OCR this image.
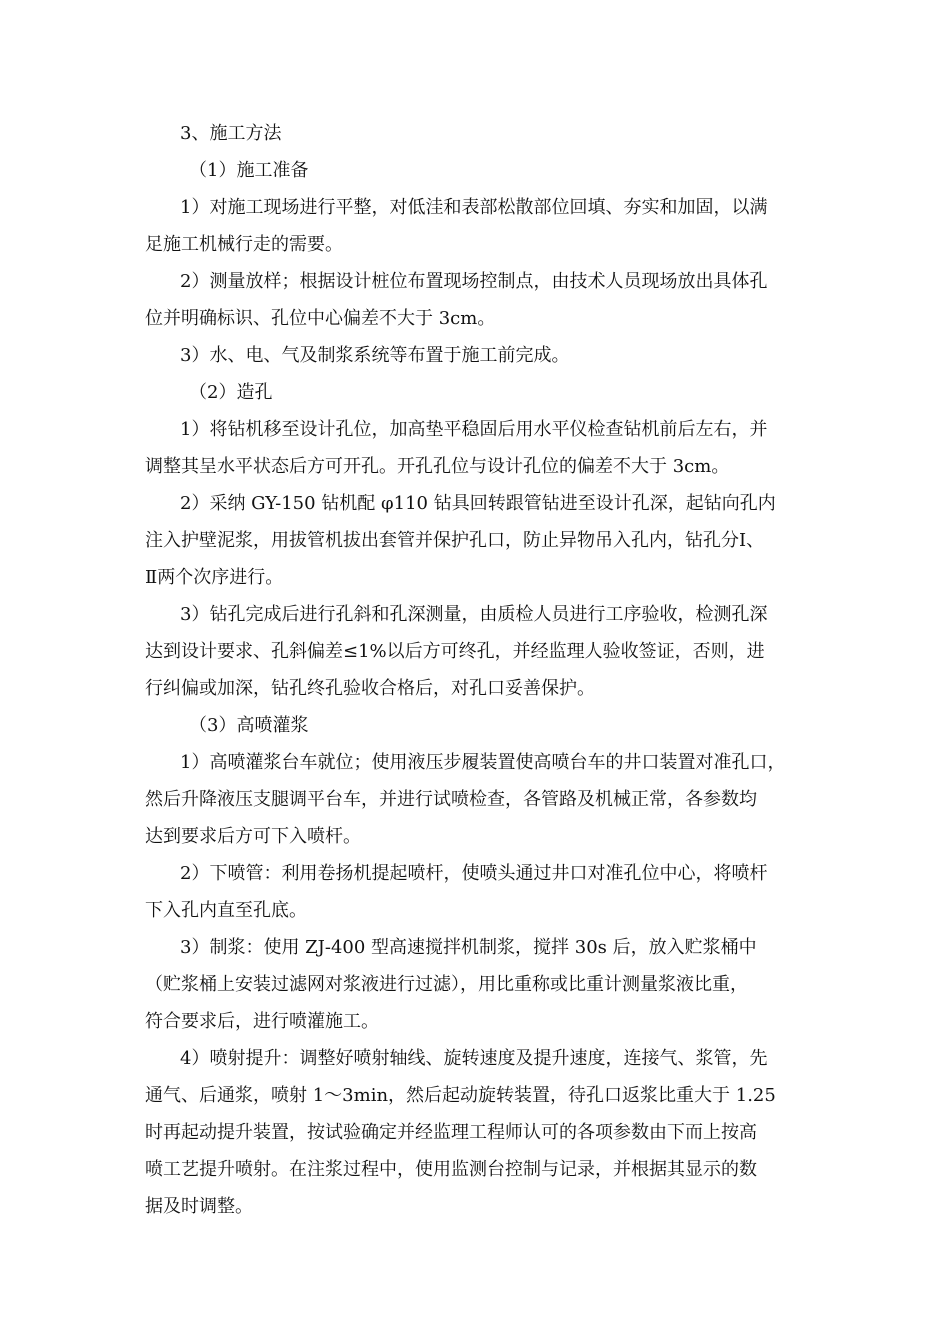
3、施工方法
（1）施工准备
1）对施工现场进行平整，对低洼和表部松散部位回填、夯实和加固，以满
足施工机械行走的需要。
2）测量放样；根据设计桩位布置现场控制点，由技术人员现场放出具体孔
位并明确标识、孔位中心偏差不大于 3cm。
3）水、电、气及制浆系统等布置于施工前完成。
（2）造孔
1）将钻机移至设计孔位，加高垫平稳固后用水平仪检查钻机前后左右，并
调整其呈水平状态后方可开孔。开孔孔位与设计孔位的偏差不大于 3cm。
2）采纳 GY-150 钻机配 φ110 钻具回转跟管钻进至设计孔深，起钻向孔内
注入护壁泥浆，用拔管机拔出套管并保护孔口，防止异物吊入孔内，钻孔分Ⅰ、
Ⅱ两个次序进行。
3）钻孔完成后进行孔斜和孔深测量，由质检人员进行工序验收，检测孔深
达到设计要求、孔斜偏差≤1%以后方可终孔，并经监理人验收签证，否则，进
行纠偏或加深，钻孔终孔验收合格后，对孔口妥善保护。
（3）高喷灌浆
1）高喷灌浆台车就位；使用液压步履装置使高喷台车的井口装置对准孔口，
然后升降液压支腿调平台车，并进行试喷检查，各管路及机械正常，各参数均
达到要求后方可下入喷杆。
2）下喷管：利用卷扬机提起喷杆，使喷头通过井口对准孔位中心，将喷杆
下入孔内直至孔底。
3）制浆：使用 ZJ-400 型高速搅拌机制浆，搅拌 30s 后，放入贮浆桶中
（贮浆桶上安装过滤网对浆液进行过滤），用比重称或比重计测量浆液比重，
符合要求后，进行喷灌施工。
4）喷射提升：调整好喷射轴线、旋转速度及提升速度，连接气、浆管，先
通气、后通浆，喷射 1～3min，然后起动旋转装置，待孔口返浆比重大于 1.25
时再起动提升装置，按试验确定并经监理工程师认可的各项参数由下而上按高
喷工艺提升喷射。在注浆过程中，使用监测台控制与记录，并根据其显示的数
据及时调整。
